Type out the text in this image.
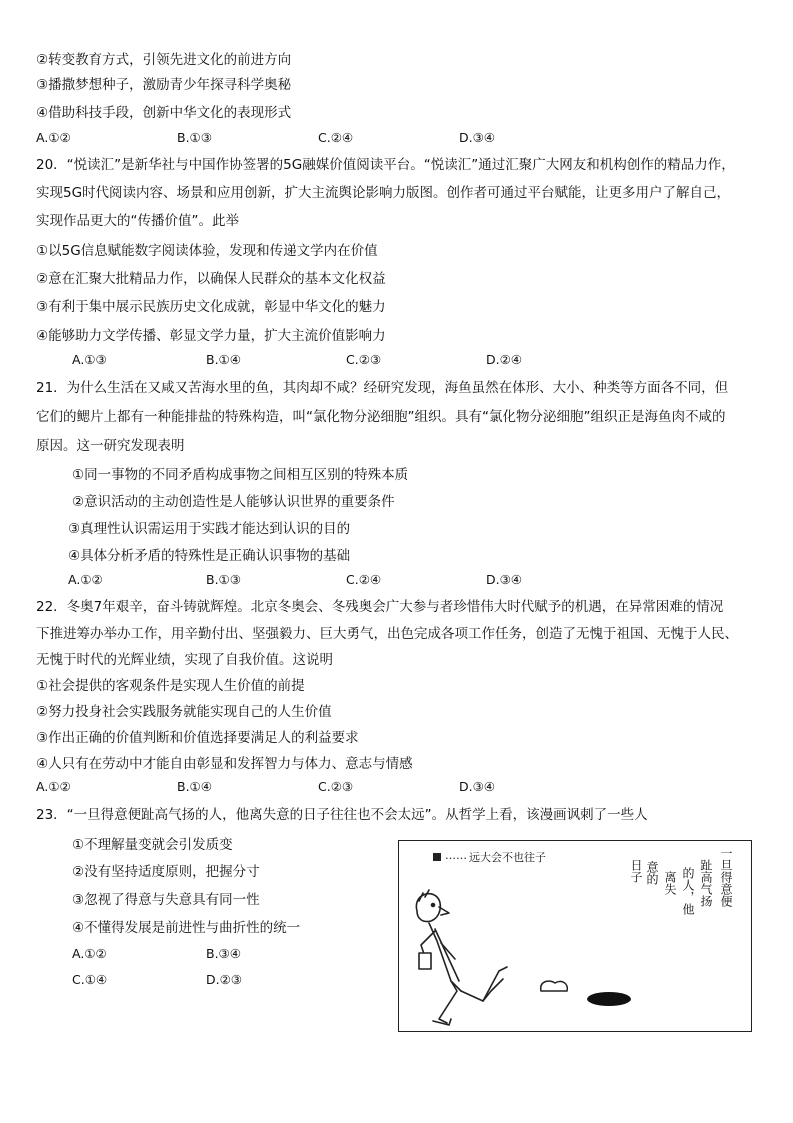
②转变教育方式，引领先进文化的前进方向
③播撒梦想种子，激励青少年探寻科学奥秘
④借助科技手段，创新中华文化的表现形式
A.①②	B.①③	C.②④	D.③④
20．“悦读汇”是新华社与中国作协签署的5G融媒价值阅读平台。“悦读汇”通过汇聚广大网友和机构创作的精品力作，
实现5G时代阅读内容、场景和应用创新，扩大主流舆论影响力版图。创作者可通过平台赋能，让更多用户了解自己，
实现作品更大的“传播价值”。此举
①以5G信息赋能数字阅读体验，发现和传递文学内在价值
②意在汇聚大批精品力作，以确保人民群众的基本文化权益
③有利于集中展示民族历史文化成就，彰显中华文化的魅力
④能够助力文学传播、彰显文学力量，扩大主流价值影响力
A.①③	B.①④	C.②③	D.②④
21．为什么生活在又咸又苦海水里的鱼，其肉却不咸？经研究发现，海鱼虽然在体形、大小、种类等方面各不同，但
它们的鳃片上都有一种能排盐的特殊构造，叫“氯化物分泌细胞”组织。具有“氯化物分泌细胞”组织正是海鱼肉不咸的
原因。这一研究发现表明
①同一事物的不同矛盾构成事物之间相互区别的特殊本质
②意识活动的主动创造性是人能够认识世界的重要条件
③真理性认识需运用于实践才能达到认识的目的
④具体分析矛盾的特殊性是正确认识事物的基础
A.①②	B.①③	C.②④	D.③④
22．冬奥7年艰辛，奋斗铸就辉煌。北京冬奥会、冬残奥会广大参与者珍惜伟大时代赋予的机遇，在异常困难的情况
下推进筹办举办工作，用辛勤付出、坚强毅力、巨大勇气，出色完成各项工作任务，创造了无愧于祖国、无愧于人民、
无愧于时代的光辉业绩，实现了自我价值。这说明
①社会提供的客观条件是实现人生价值的前提
②努力投身社会实践服务就能实现自己的人生价值
③作出正确的价值判断和价值选择要满足人的利益要求
④人只有在劳动中才能自由彰显和发挥智力与体力、意志与情感
A.①②	B.①④	C.②③	D.③④
23．“一旦得意便趾高气扬的人，他离失意的日子往往也不会太远”。从哲学上看，该漫画讽刺了一些人
①不理解量变就会引发质变
②没有坚持适度原则，把握分寸
③忽视了得意与失意具有同一性
④不懂得发展是前进性与曲折性的统一
A.①②	B.③④
C.①④	D.②③
一旦得意便
趾高气扬
的人，他
离失
意的
日子
…… 远大会不也往子
